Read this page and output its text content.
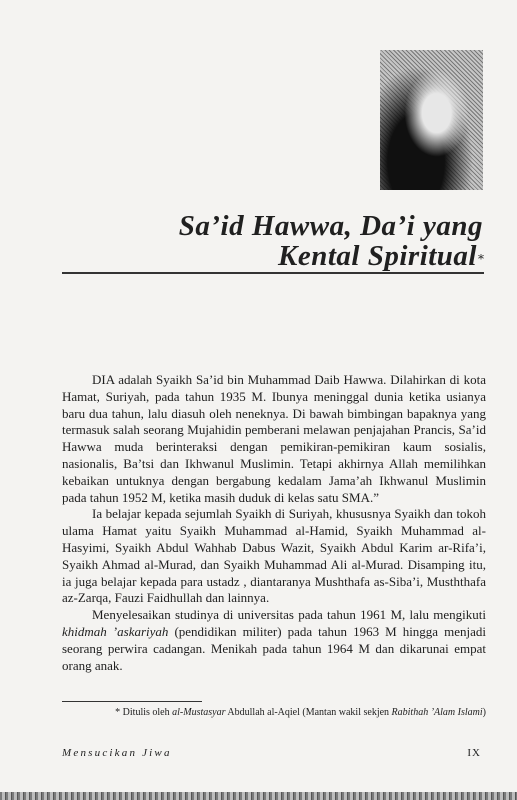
Sa’id Hawwa, Da’i yang
Kental Spiritual *

DIA adalah Syaikh Sa’id bin Muhammad Daib Hawwa. Dilahirkan di kota Hamat, Suriyah, pada tahun 1935 M. Ibunya meninggal dunia ketika usianya baru dua tahun, lalu diasuh oleh neneknya. Di bawah bimbingan bapaknya yang termasuk salah seorang Mujahidin pemberani melawan penjajahan Prancis, Sa’id Hawwa muda berinteraksi dengan pemikiran-pemikiran kaum sosialis, nasionalis, Ba’tsi dan Ikhwanul Muslimin. Tetapi akhirnya Allah memilihkan kebaikan untuknya dengan bergabung kedalam Jama’ah Ikhwanul Muslimin pada tahun 1952 M, ketika masih duduk di kelas satu SMA.”

Ia belajar kepada sejumlah Syaikh di Suriyah, khususnya Syaikh dan tokoh ulama Hamat yaitu Syaikh Muhammad al-Hamid, Syaikh Muhammad al-Hasyimi, Syaikh Abdul Wahhab Dabus Wazit, Syaikh Abdul Karim ar-Rifa’i, Syaikh Ahmad al-Murad, dan Syaikh Muhammad Ali al-Murad. Disamping itu, ia juga belajar kepada para ustadz , diantaranya Mushthafa as-Siba’i, Musththafa az-Zarqa, Fauzi Faidhullah dan lainnya.

Menyelesaikan studinya di universitas pada tahun 1961 M, lalu mengikuti khidmah ’askariyah (pendidikan militer) pada tahun 1963 M hingga menjadi seorang perwira cadangan. Menikah pada tahun 1964 M dan dikarunai empat orang anak.

* Ditulis oleh al-Mustasyar Abdullah al-Aqiel (Mantan wakil sekjen Rabithah ’Alam Islami)
Mensucikan Jiwa	IX
